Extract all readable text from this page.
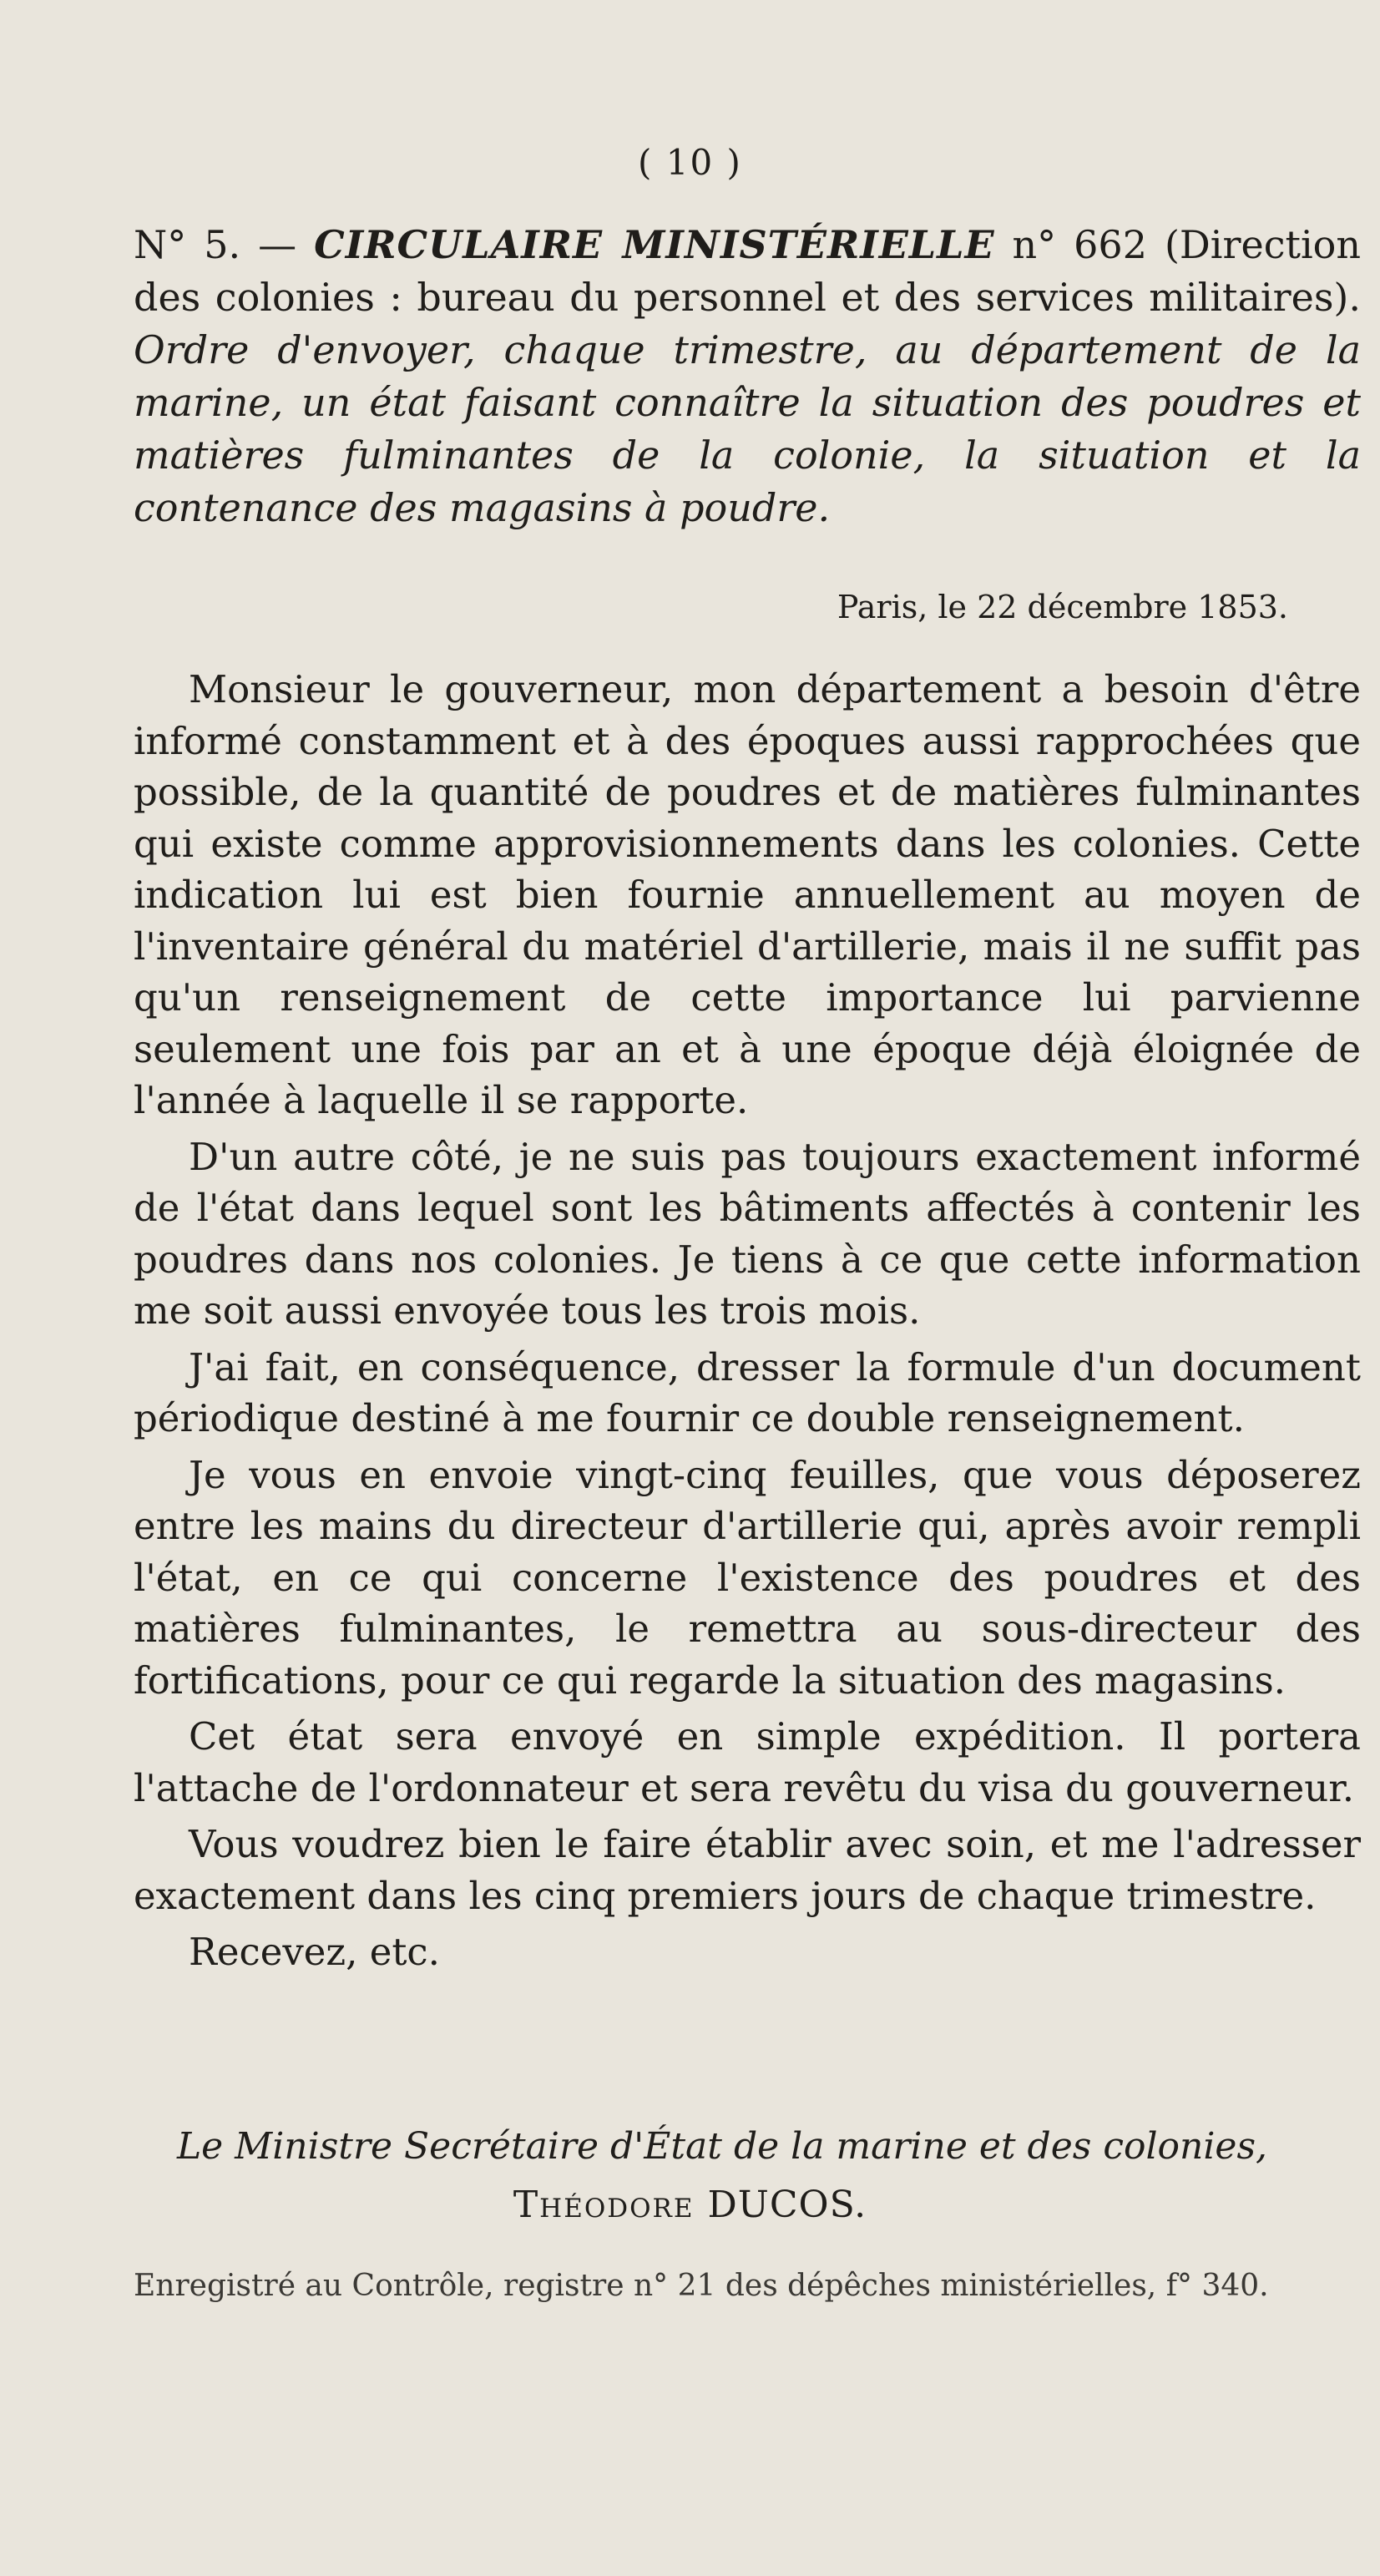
( 10 )
N° 5. — CIRCULAIRE MINISTÉRIELLE n° 662 (Direction des colonies : bureau du personnel et des services militaires). Ordre d'envoyer, chaque trimestre, au département de la marine, un état faisant connaître la situation des poudres et matières fulminantes de la colonie, la situation et la contenance des magasins à poudre.
Paris, le 22 décembre 1853.

Monsieur le gouverneur, mon département a besoin d'être informé constamment et à des époques aussi rapprochées que possible, de la quantité de poudres et de matières fulminantes qui existe comme approvisionnements dans les colonies. Cette indication lui est bien fournie annuellement au moyen de l'inventaire général du matériel d'artillerie, mais il ne suffit pas qu'un renseignement de cette importance lui parvienne seulement une fois par an et à une époque déjà éloignée de l'année à laquelle il se rapporte.

D'un autre côté, je ne suis pas toujours exactement informé de l'état dans lequel sont les bâtiments affectés à contenir les poudres dans nos colonies. Je tiens à ce que cette information me soit aussi envoyée tous les trois mois.

J'ai fait, en conséquence, dresser la formule d'un document périodique destiné à me fournir ce double renseignement.

Je vous en envoie vingt-cinq feuilles, que vous déposerez entre les mains du directeur d'artillerie qui, après avoir rempli l'état, en ce qui concerne l'existence des poudres et des matières fulminantes, le remettra au sous-directeur des fortifications, pour ce qui regarde la situation des magasins.

Cet état sera envoyé en simple expédition. Il portera l'attache de l'ordonnateur et sera revêtu du visa du gouverneur.

Vous voudrez bien le faire établir avec soin, et me l'adresser exactement dans les cinq premiers jours de chaque trimestre.

Recevez, etc.

Le Ministre Secrétaire d'État de la marine et des colonies,
Théodore DUCOS.
Enregistré au Contrôle, registre n° 21 des dépêches ministérielles, f° 340.
